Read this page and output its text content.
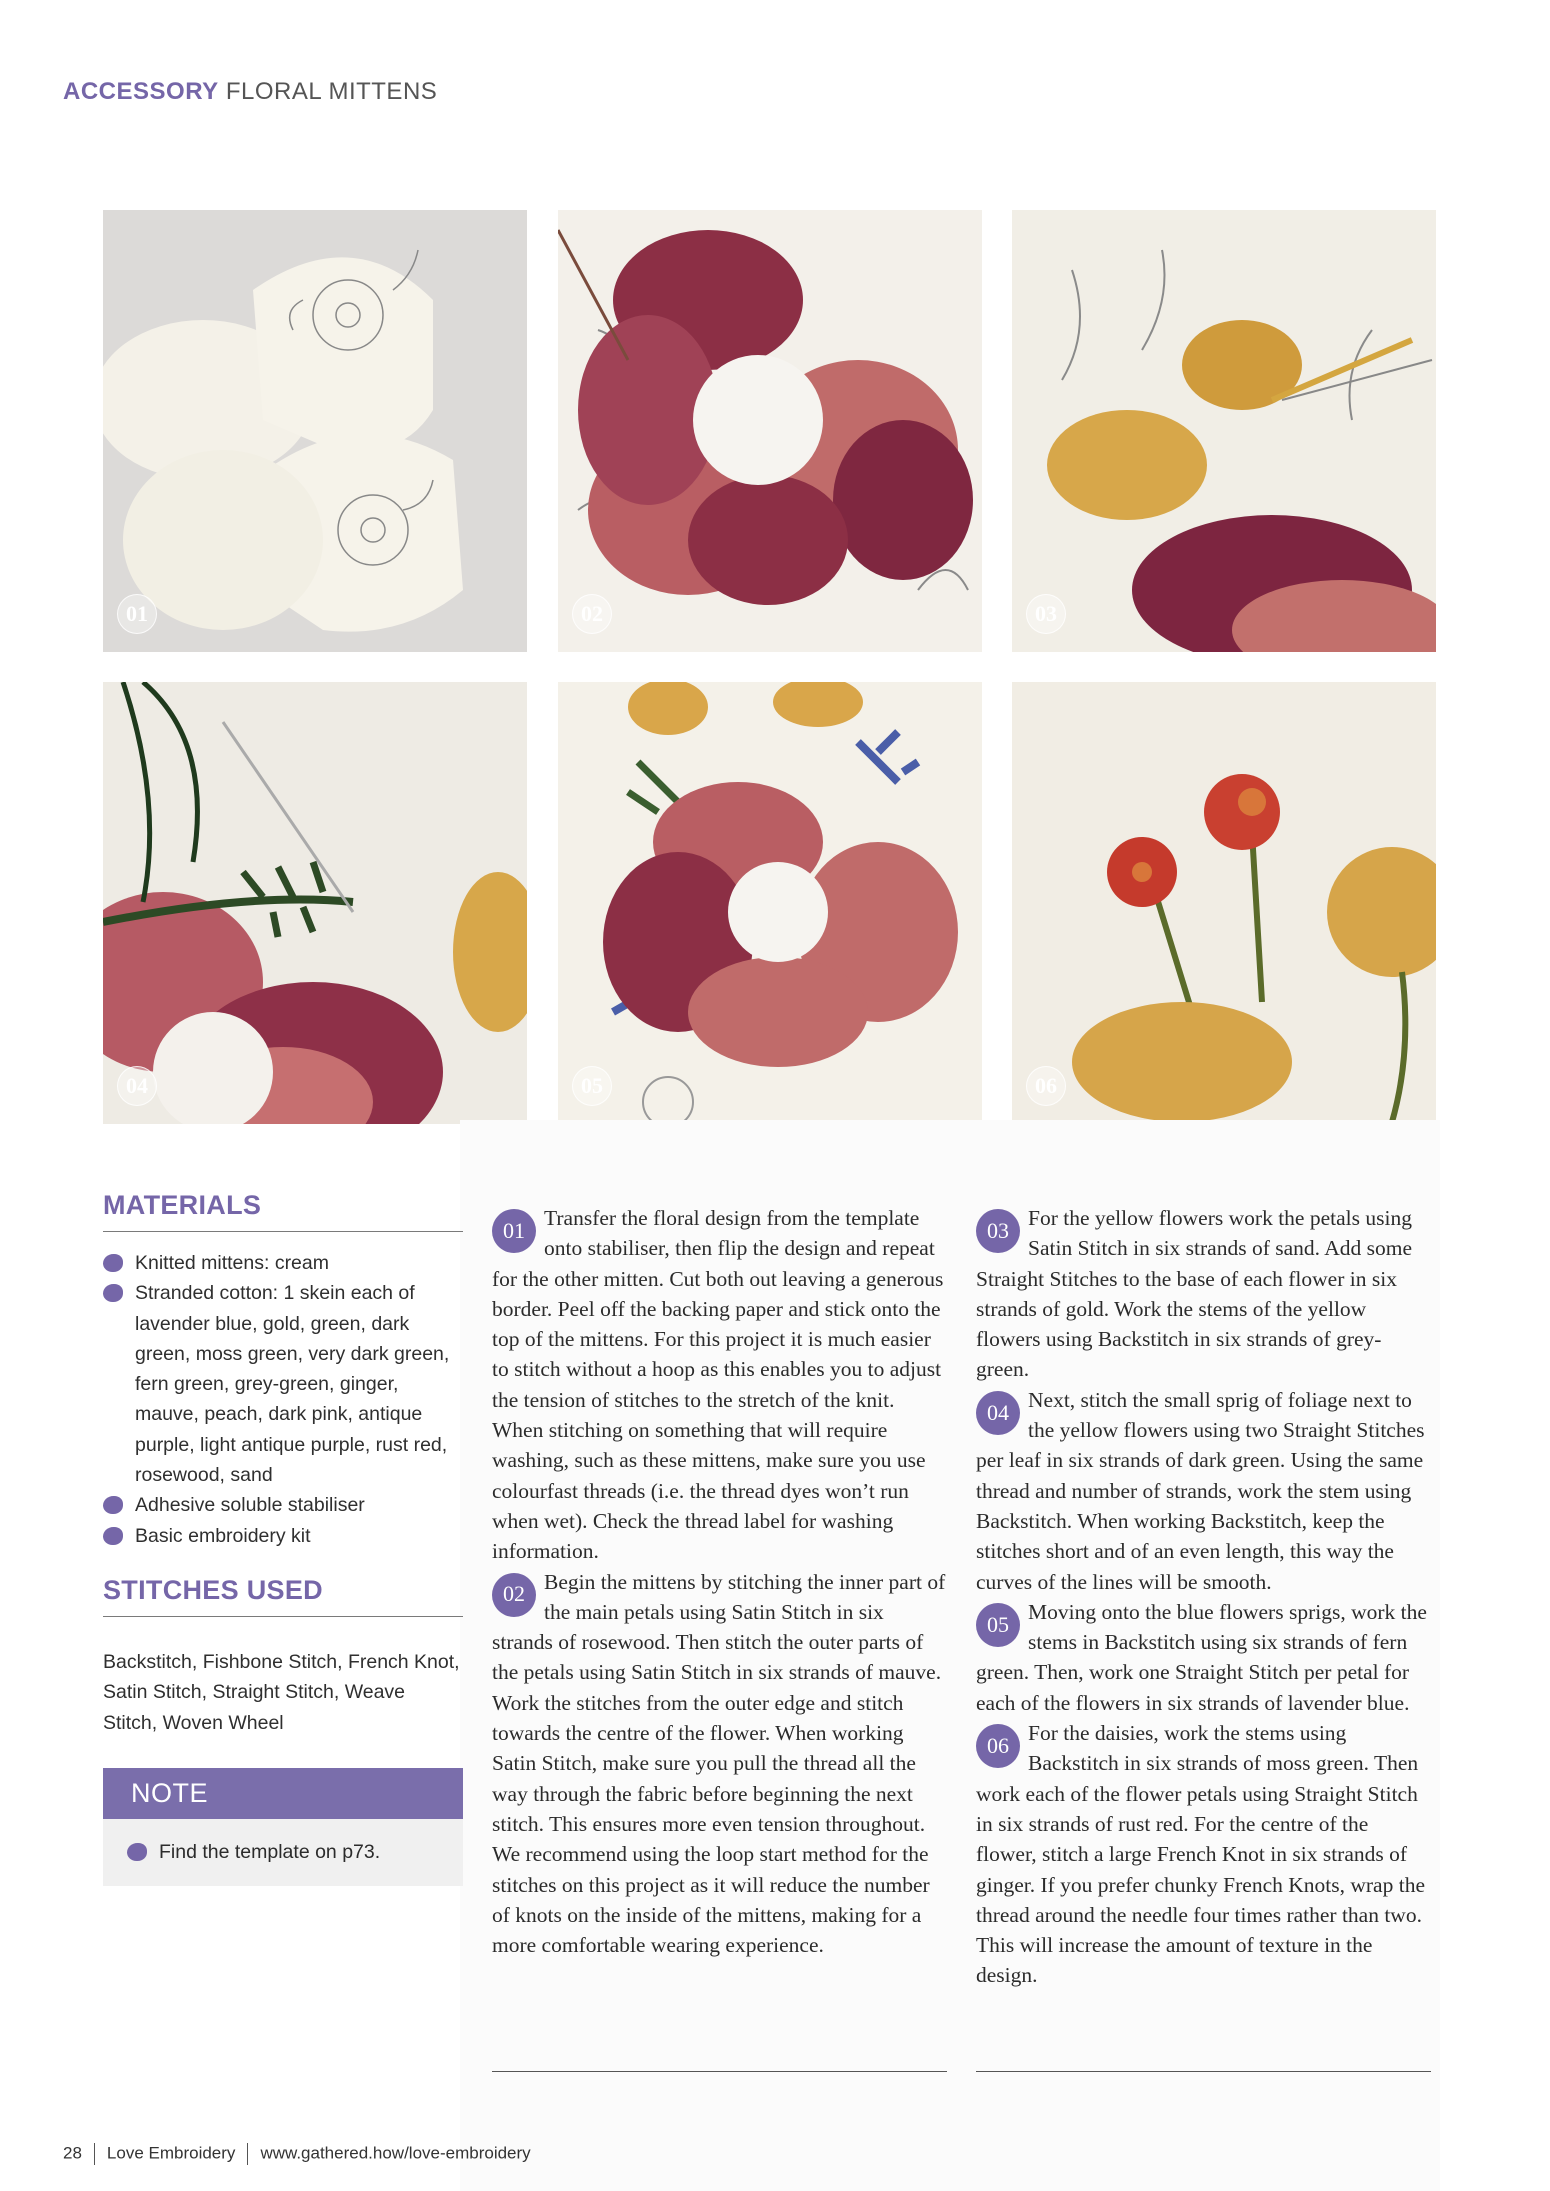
ACCESSORY FLORAL MITTENS
01	02	03
04	05	06
MATERIALS
Knitted mittens: cream
Stranded cotton: 1 skein each of lavender blue, gold, green, dark green, moss green, very dark green, fern green, grey-green, ginger, mauve, peach, dark pink, antique purple, light antique purple, rust red, rosewood, sand
Adhesive soluble stabiliser
Basic embroidery kit
STITCHES USED

Backstitch, Fishbone Stitch, French Knot, Satin Stitch, Straight Stitch, Weave Stitch, Woven Wheel

NOTE
Find the template on p73.

01 Transfer the floral design from the template onto stabiliser, then flip the design and repeat for the other mitten. Cut both out leaving a generous border. Peel off the backing paper and stick onto the top of the mittens. For this project it is much easier to stitch without a hoop as this enables you to adjust the tension of stitches to the stretch of the knit. When stitching on something that will require washing, such as these mittens, make sure you use colourfast threads (i.e. the thread dyes won’t run when wet). Check the thread label for washing information.

02 Begin the mittens by stitching the inner part of the main petals using Satin Stitch in six strands of rosewood. Then stitch the outer parts of the petals using Satin Stitch in six strands of mauve. Work the stitches from the outer edge and stitch towards the centre of the flower. When working Satin Stitch, make sure you pull the thread all the way through the fabric before beginning the next stitch. This ensures more even tension throughout. We recommend using the loop start method for the stitches on this project as it will reduce the number of knots on the inside of the mittens, making for a more comfortable wearing experience.

03 For the yellow flowers work the petals using Satin Stitch in six strands of sand. Add some Straight Stitches to the base of each flower in six strands of gold. Work the stems of the yellow flowers using Backstitch in six strands of grey-green.

04 Next, stitch the small sprig of foliage next to the yellow flowers using two Straight Stitches per leaf in six strands of dark green. Using the same thread and number of strands, work the stem using Backstitch. When working Backstitch, keep the stitches short and of an even length, this way the curves of the lines will be smooth.

05 Moving onto the blue flowers sprigs, work the stems in Backstitch using six strands of fern green. Then, work one Straight Stitch per petal for each of the flowers in six strands of lavender blue.

06 For the daisies, work the stems using Backstitch in six strands of moss green. Then work each of the flower petals using Straight Stitch in six strands of rust red. For the centre of the flower, stitch a large French Knot in six strands of ginger. If you prefer chunky French Knots, wrap the thread around the needle four times rather than two. This will increase the amount of texture in the design.

28 Love Embroidery www.gathered.how/love-embroidery
